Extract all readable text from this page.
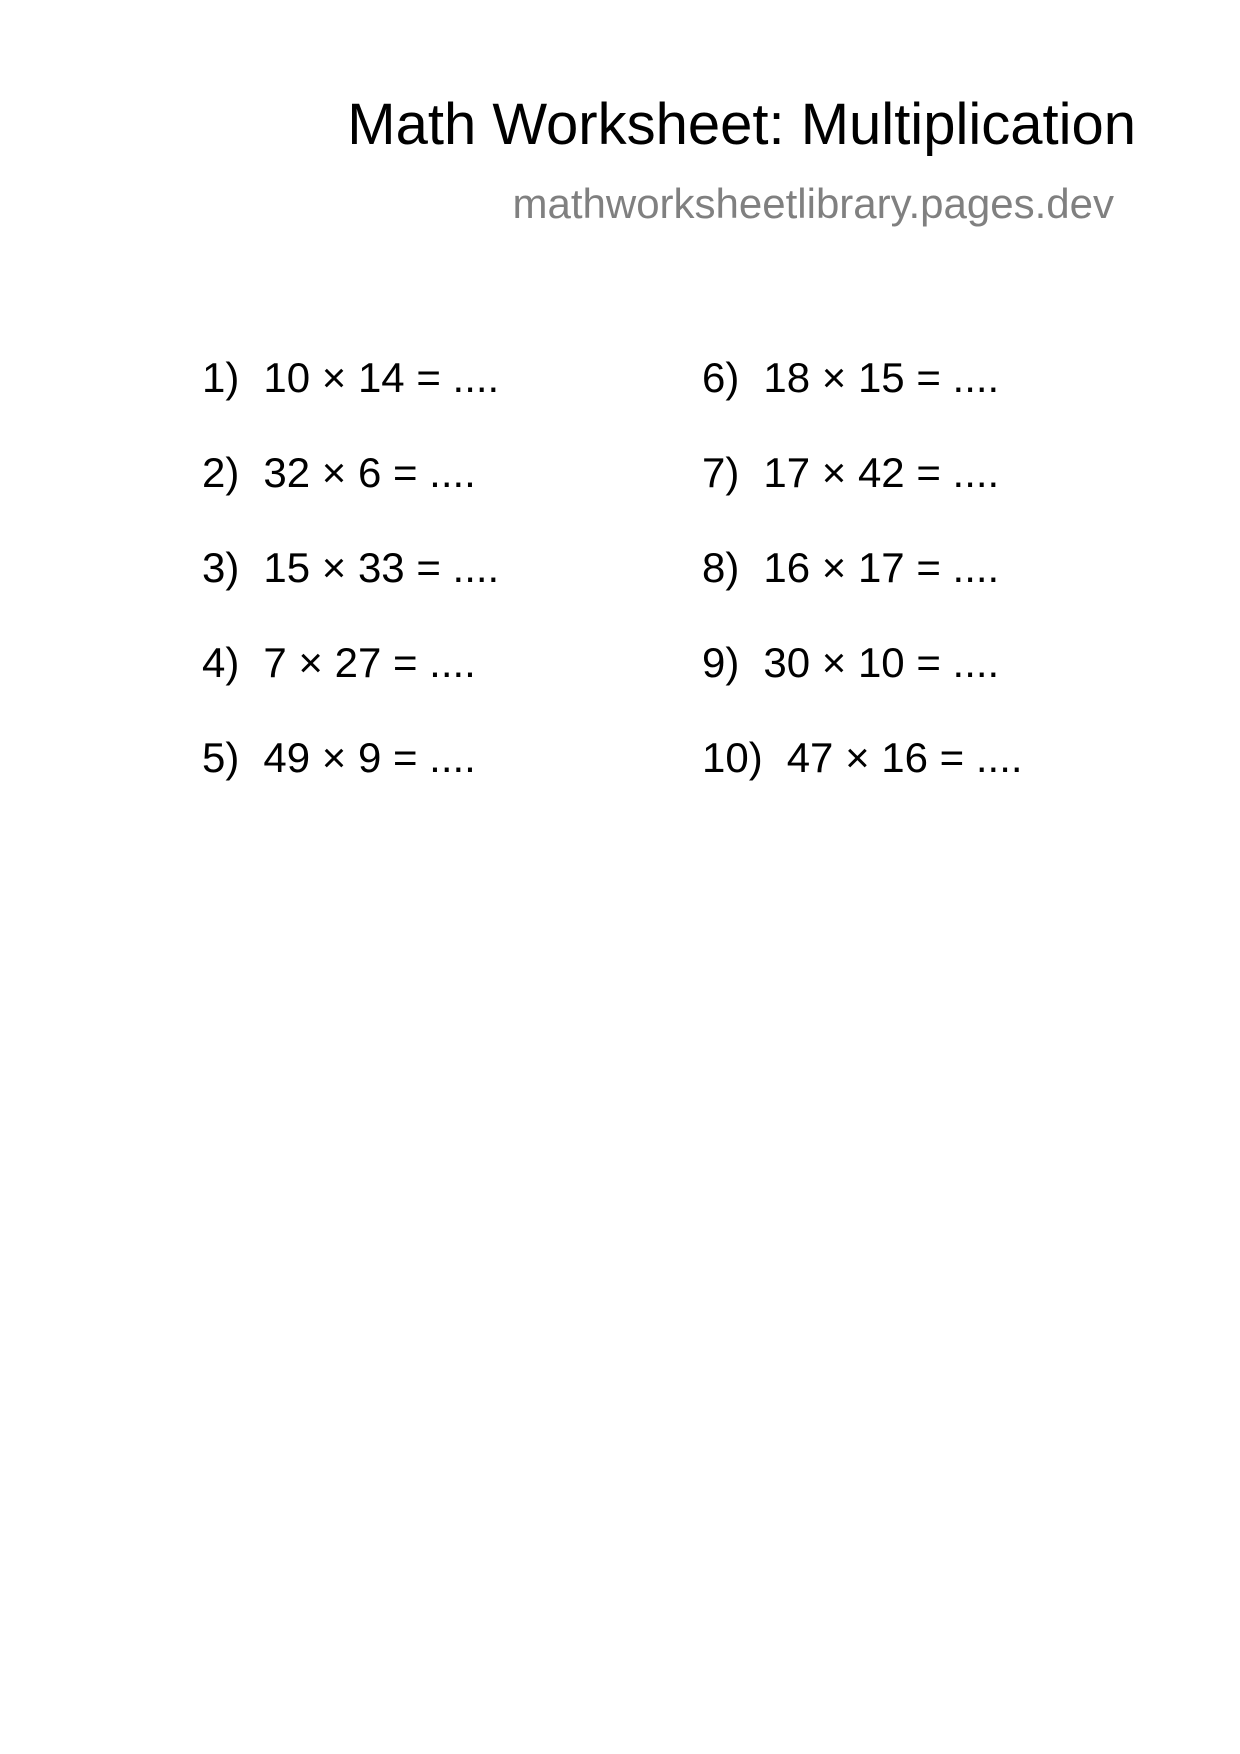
Math Worksheet: Multiplication
mathworksheetlibrary.pages.dev
1) 10 × 14 = ....
2) 32 × 6 = ....
3) 15 × 33 = ....
4) 7 × 27 = ....
5) 49 × 9 = ....
6) 18 × 15 = ....
7) 17 × 42 = ....
8) 16 × 17 = ....
9) 30 × 10 = ....
10) 47 × 16 = ....
